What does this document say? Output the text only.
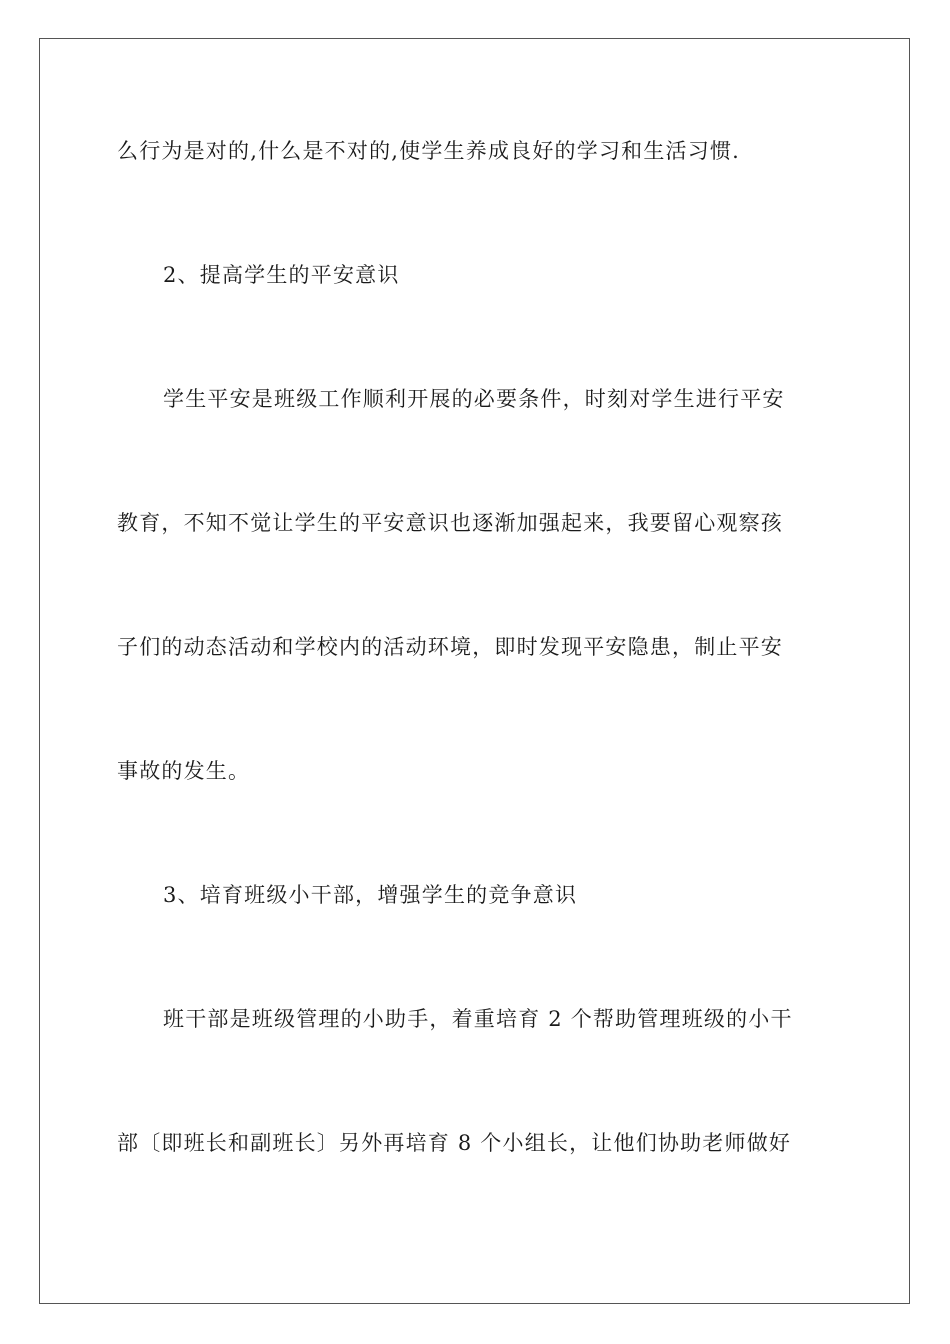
么行为是对的,什么是不对的,使学生养成良好的学习和生活习惯.
2、提高学生的平安意识
学生平安是班级工作顺利开展的必要条件，时刻对学生进行平安
教育，不知不觉让学生的平安意识也逐渐加强起来，我要留心观察孩
子们的动态活动和学校内的活动环境，即时发现平安隐患，制止平安
事故的发生。
3、培育班级小干部，增强学生的竞争意识
班干部是班级管理的小助手，着重培育 2 个帮助管理班级的小干
部〔即班长和副班长〕另外再培育 8 个小组长，让他们协助老师做好
